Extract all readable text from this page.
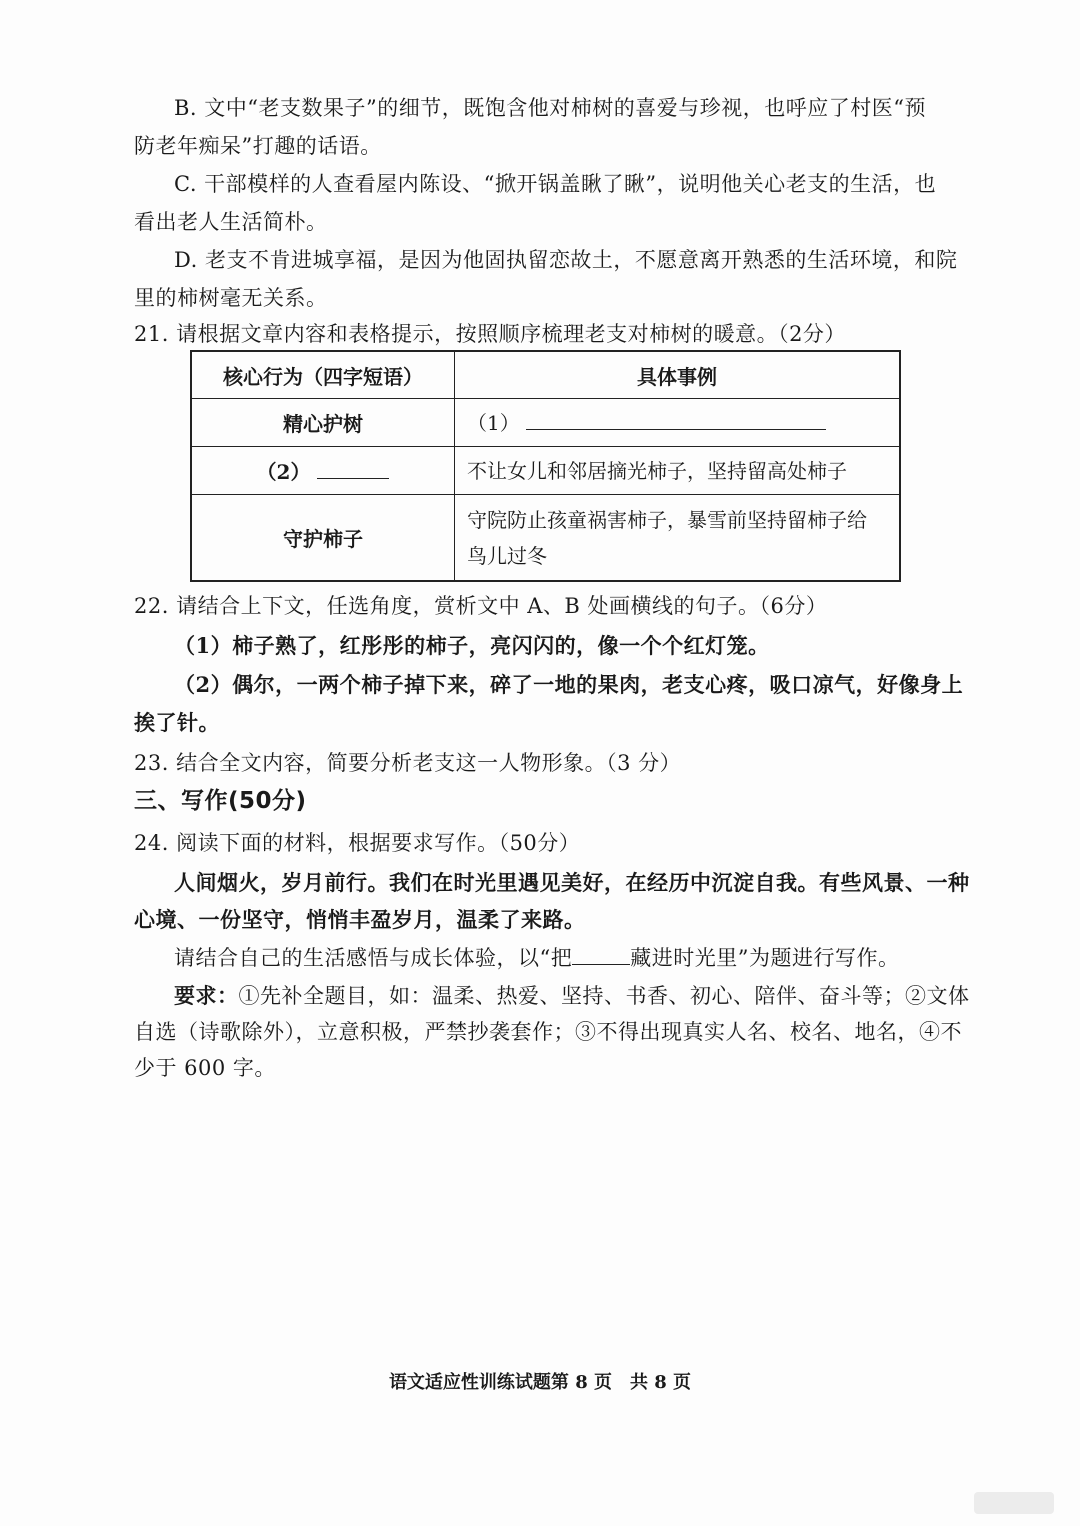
B. 文中“老支数果子”的细节，既饱含他对柿树的喜爱与珍视，也呼应了村医“预
防老年痴呆”打趣的话语。
C. 干部模样的人查看屋内陈设、“掀开锅盖瞅了瞅”，说明他关心老支的生活，也
看出老人生活简朴。
D. 老支不肯进城享福，是因为他固执留恋故土，不愿意离开熟悉的生活环境，和院
里的柿树毫无关系。
21. 请根据文章内容和表格提示，按照顺序梳理老支对柿树的暖意。（2分）
核心行为（四字短语）	具体事例
精心护树	（1）
（2）	不让女儿和邻居摘光柿子，坚持留高处柿子
守护柿子	守院防止孩童祸害柿子，暴雪前坚持留柿子给
鸟儿过冬
22. 请结合上下文，任选角度，赏析文中 A、B 处画横线的句子。（6分）
（1）柿子熟了，红彤彤的柿子，亮闪闪的，像一个个红灯笼。
（2）偶尔，一两个柿子掉下来，碎了一地的果肉，老支心疼，吸口凉气，好像身上
挨了针。
23. 结合全文内容，简要分析老支这一人物形象。（3 分）
三、写作(50分)
24. 阅读下面的材料，根据要求写作。（50分）
人间烟火，岁月前行。我们在时光里遇见美好，在经历中沉淀自我。有些风景、一种
心境、一份坚守，悄悄丰盈岁月，温柔了来路。
请结合自己的生活感悟与成长体验，以“把	藏进时光里”为题进行写作。
要求：①先补全题目，如：温柔、热爱、坚持、书香、初心、陪伴、奋斗等；②文体
自选（诗歌除外），立意积极，严禁抄袭套作；③不得出现真实人名、校名、地名，④不
少于 600 字。
语文适应性训练试题第 8 页　共 8 页
